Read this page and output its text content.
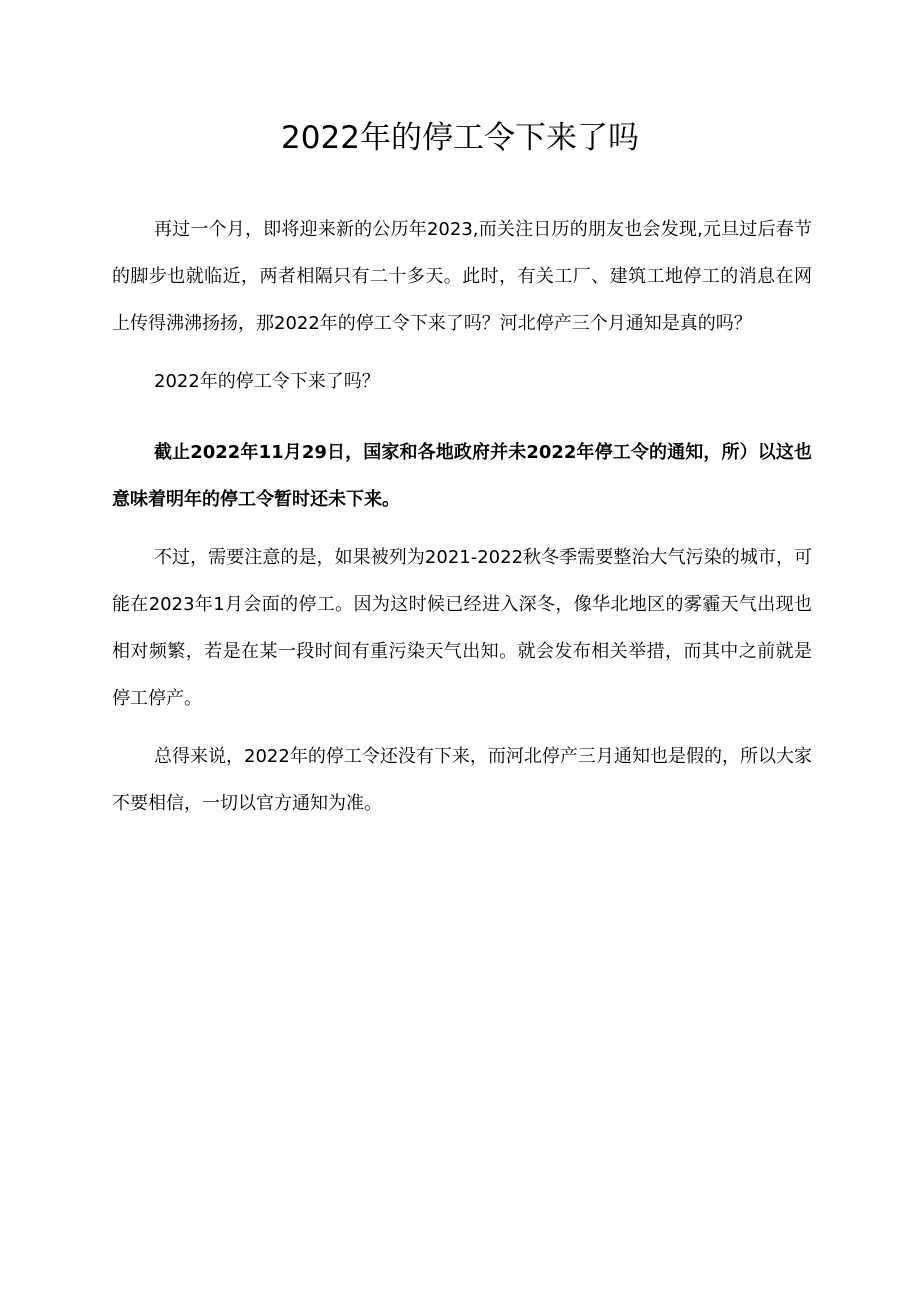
2022年的停工令下来了吗

再过一个月，即将迎来新的公历年2023,而关注日历的朋友也会发现,元旦过后春节的脚步也就临近，两者相隔只有二十多天。此时，有关工厂、建筑工地停工的消息在网上传得沸沸扬扬，那2022年的停工令下来了吗？河北停产三个月通知是真的吗？

2022年的停工令下来了吗？

截止2022年11月29日，国家和各地政府并未2022年停工令的通知，所）以这也意味着明年的停工令暂时还未下来。

不过，需要注意的是，如果被列为2021-2022秋冬季需要整治大气污染的城市，可能在2023年1月会面的停工。因为这时候已经进入深冬，像华北地区的雾霾天气出现也相对频繁，若是在某一段时间有重污染天气出知。就会发布相关举措，而其中之前就是停工停产。

总得来说，2022年的停工令还没有下来，而河北停产三月通知也是假的，所以大家不要相信，一切以官方通知为准。
